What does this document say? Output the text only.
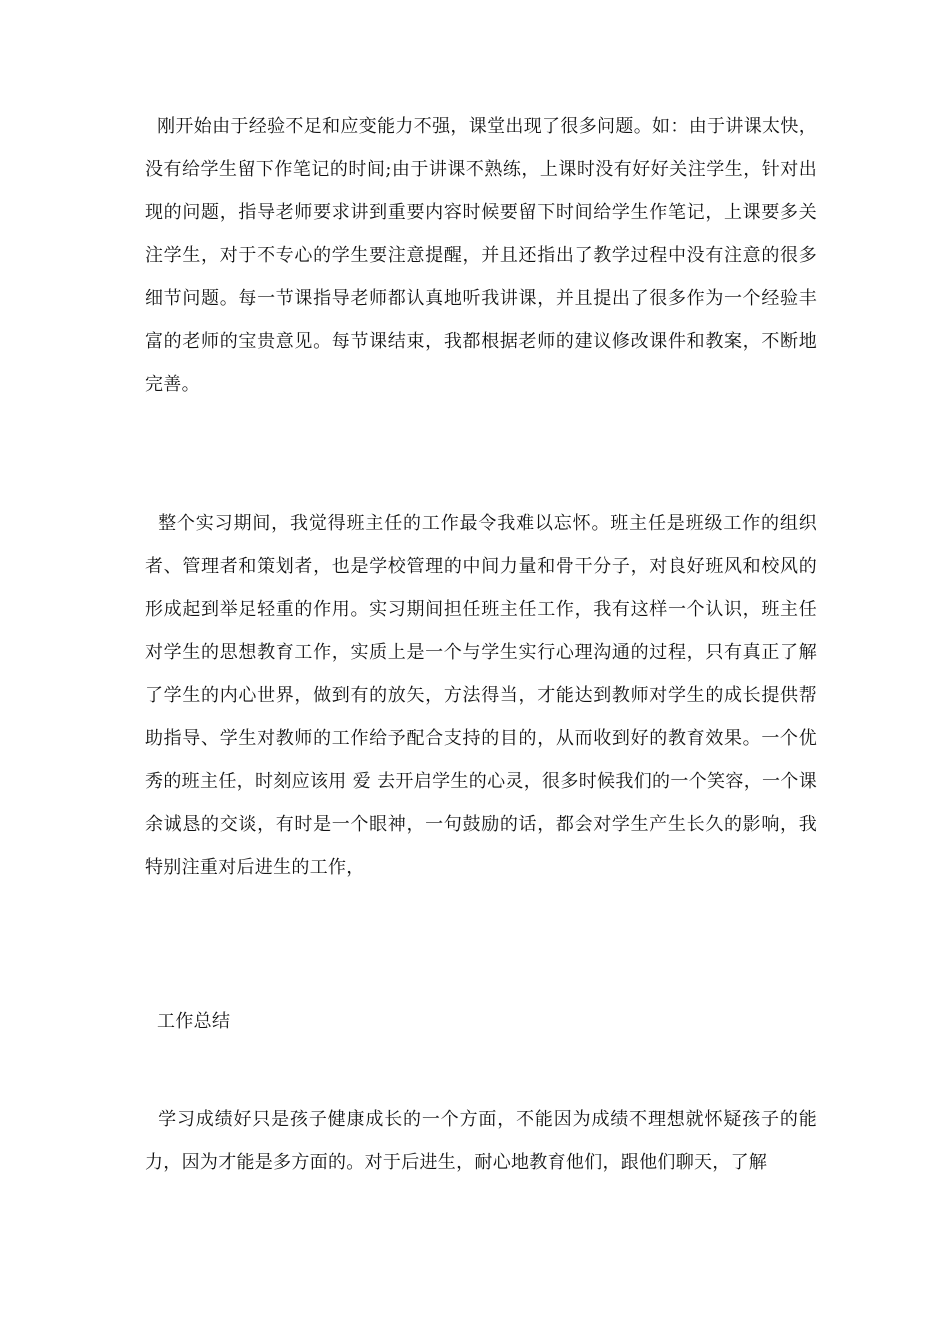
刚开始由于经验不足和应变能力不强，课堂出现了很多问题。如：由于讲课太快，没有给学生留下作笔记的时间;由于讲课不熟练，上课时没有好好关注学生，针对出现的问题，指导老师要求讲到重要内容时候要留下时间给学生作笔记，上课要多关注学生，对于不专心的学生要注意提醒，并且还指出了教学过程中没有注意的很多细节问题。每一节课指导老师都认真地听我讲课，并且提出了很多作为一个经验丰富的老师的宝贵意见。每节课结束，我都根据老师的建议修改课件和教案，不断地完善。

整个实习期间，我觉得班主任的工作最令我难以忘怀。班主任是班级工作的组织者、管理者和策划者，也是学校管理的中间力量和骨干分子，对良好班风和校风的形成起到举足轻重的作用。实习期间担任班主任工作，我有这样一个认识，班主任对学生的思想教育工作，实质上是一个与学生实行心理沟通的过程，只有真正了解了学生的内心世界，做到有的放矢，方法得当，才能达到教师对学生的成长提供帮助指导、学生对教师的工作给予配合支持的目的，从而收到好的教育效果。一个优秀的班主任，时刻应该用 爱 去开启学生的心灵，很多时候我们的一个笑容，一个课余诚恳的交谈，有时是一个眼神，一句鼓励的话，都会对学生产生长久的影响，我特别注重对后进生的工作，

工作总结

学习成绩好只是孩子健康成长的一个方面，不能因为成绩不理想就怀疑孩子的能力，因为才能是多方面的。对于后进生，耐心地教育他们，跟他们聊天，了解
